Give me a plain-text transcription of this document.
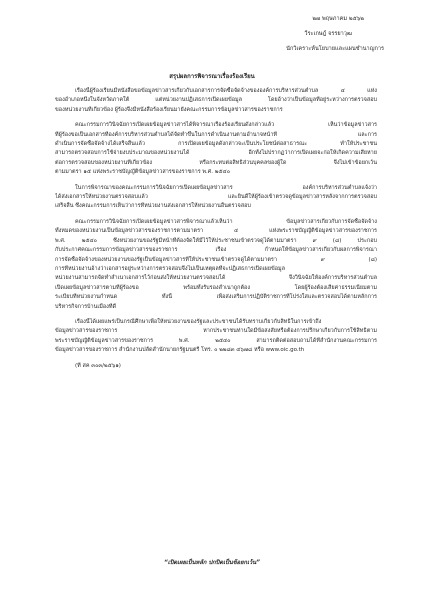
๒๗ พฤษภาคม ๒๕๖๒
วีระเกษฎ์ จรรยาวุฒ
นักวิเคราะห์นโยบายและแผนชำนาญการ
สรุปผลการพิจารณาเรื่องร้องเรียน
เรื่องนี้ผู้ร้องเรียนมีหนังสือขอข้อมูลข่าวสารเกี่ยวกับเอกสารการจัดซื้อจัดจ้างขององค์การบริหารส่วนตำบล ๔ แห่ง
ของอำเภอหนึ่งในจังหวัดภาคใต้ แต่หน่วยงานปฏิเสธการเปิดเผยข้อมูล โดยอ้างว่าเป็นข้อมูลที่อยู่ระหว่างการตรวจสอบ
ของหน่วยงานที่เกี่ยวข้อง ผู้ร้องจึงมีหนังสือร้องเรียนมายังคณะกรรมการข้อมูลข่าวสารของราชการ
คณะกรรมการวินิจฉัยการเปิดเผยข้อมูลข่าวสารได้พิจารณาเรื่องร้องเรียนดังกล่าวแล้ว เห็นว่าข้อมูลข่าวสาร
ที่ผู้ร้องขอเป็นเอกสารที่องค์การบริหารส่วนตำบลได้จัดทำขึ้นในการดำเนินงานตามอำนาจหน้าที่ และการ
ดำเนินการจัดซื้อจัดจ้างได้เสร็จสิ้นแล้ว การเปิดเผยข้อมูลดังกล่าวจะเป็นประโยชน์ต่อสาธารณะ ทำให้ประชาชน
สามารถตรวจสอบการใช้จ่ายงบประมาณของหน่วยงานได้ อีกทั้งไม่ปรากฏว่าการเปิดเผยจะก่อให้เกิดความเสียหาย
ต่อการตรวจสอบของหน่วยงานที่เกี่ยวข้อง หรือกระทบต่อสิทธิส่วนบุคคลของผู้ใด จึงไม่เข้าข้อยกเว้น
ตามมาตรา ๑๕ แห่งพระราชบัญญัติข้อมูลข่าวสารของราชการ พ.ศ. ๒๕๔๐
ในการพิจารณาของคณะกรรมการวินิจฉัยการเปิดเผยข้อมูลข่าวสาร องค์การบริหารส่วนตำบลแจ้งว่า
ได้ส่งเอกสารให้หน่วยงานตรวจสอบแล้ว และยินดีให้ผู้ร้องเข้าตรวจดูข้อมูลข่าวสารหลังจากการตรวจสอบ
เสร็จสิ้น ซึ่งคณะกรรมการเห็นว่าการที่หน่วยงานส่งเอกสารให้หน่วยงานอื่นตรวจสอบ
คณะกรรมการวินิจฉัยการเปิดเผยข้อมูลข่าวสารพิจารณาแล้วเห็นว่า ข้อมูลข่าวสารเกี่ยวกับการจัดซื้อจัดจ้าง
ทั้งหมดของหน่วยงานเป็นข้อมูลข่าวสารของราชการตามมาตรา ๔ แห่งพระราชบัญญัติข้อมูลข่าวสารของราชการ
พ.ศ. ๒๕๔๐ ซึ่งหน่วยงานของรัฐมีหน้าที่ต้องจัดให้มีไว้ให้ประชาชนเข้าตรวจดูได้ตามมาตรา ๙ (๘) ประกอบ
กับประกาศคณะกรรมการข้อมูลข่าวสารของราชการ เรื่อง กำหนดให้ข้อมูลข่าวสารเกี่ยวกับผลการพิจารณา
การจัดซื้อจัดจ้างของหน่วยงานของรัฐเป็นข้อมูลข่าวสารที่ให้ประชาชนเข้าตรวจดูได้ตามมาตรา ๙ (๘)
การที่หน่วยงานอ้างว่าเอกสารอยู่ระหว่างการตรวจสอบจึงไม่เป็นเหตุผลที่จะปฏิเสธการเปิดเผยข้อมูล
หน่วยงานสามารถจัดทำสำเนาเอกสารไว้ก่อนส่งให้หน่วยงานตรวจสอบได้ จึงวินิจฉัยให้องค์การบริหารส่วนตำบล
เปิดเผยข้อมูลข่าวสารตามที่ผู้ร้องขอ พร้อมทั้งรับรองสำเนาถูกต้อง โดยผู้ร้องต้องเสียค่าธรรมเนียมตาม
ระเบียบที่หน่วยงานกำหนด ทั้งนี้ เพื่อส่งเสริมการปฏิบัติราชการที่โปร่งใสและตรวจสอบได้ตามหลักการ
บริหารกิจการบ้านเมืองที่ดี
เรื่องนี้ได้เผยแพร่เป็นกรณีศึกษาเพื่อให้หน่วยงานของรัฐและประชาชนได้รับทราบเกี่ยวกับสิทธิในการเข้าถึง
ข้อมูลข่าวสารของราชการ หากประชาชนท่านใดมีข้อสงสัยหรือต้องการปรึกษาเกี่ยวกับการใช้สิทธิตาม
พระราชบัญญัติข้อมูลข่าวสารของราชการ พ.ศ. ๒๕๔๐ สามารถติดต่อสอบถามได้ที่สำนักงานคณะกรรมการ
ข้อมูลข่าวสารของราชการ สำนักงานปลัดสำนักนายกรัฐมนตรี โทร. ๐ ๒๒๘๓ ๔๖๗๘ หรือ www.oic.go.th
(ที่ สค ๓๐๓/๒๕๖๑)
“เปิดเผยเป็นหลัก ปกปิดเป็นข้อยกเว้น”
